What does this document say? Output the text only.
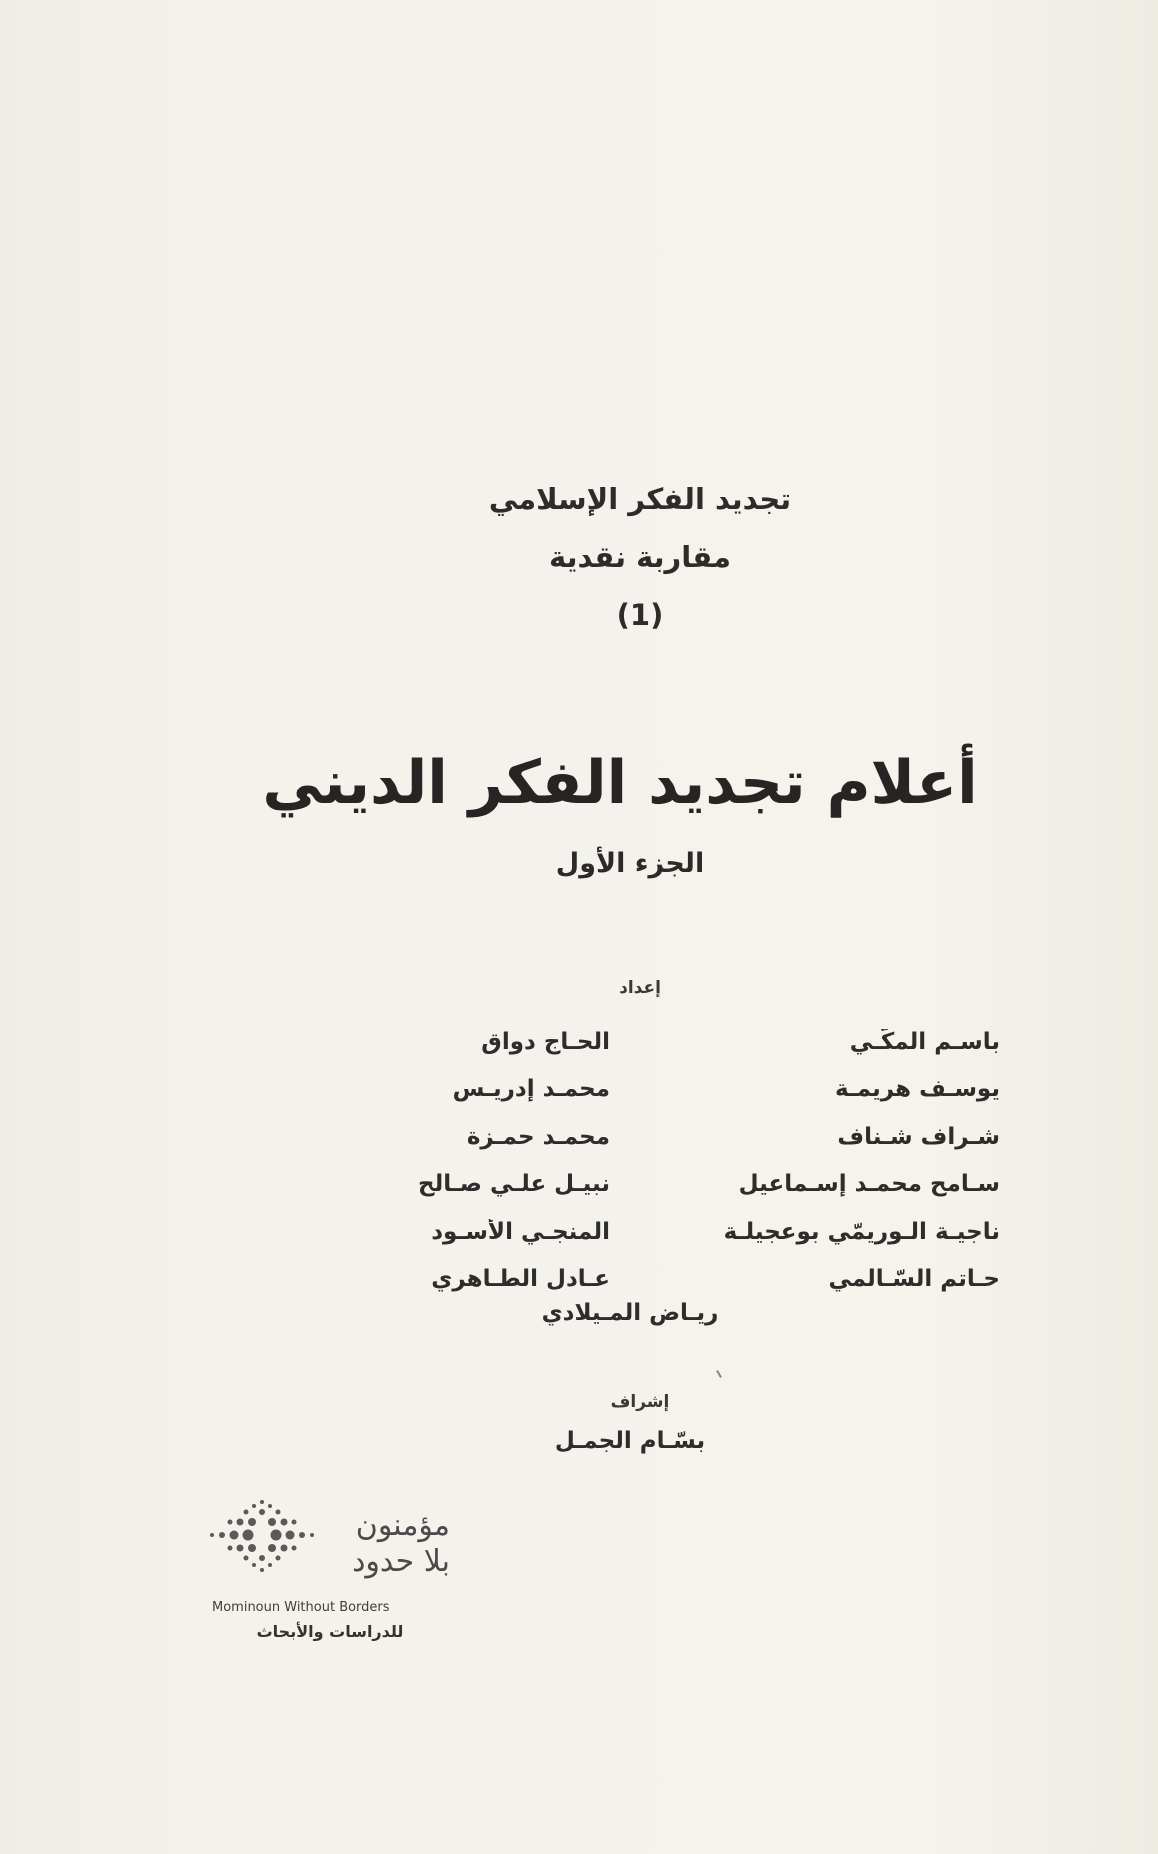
تجديد الفكر الإسلامي
مقاربة نقدية
(1)
أعلام تجديد الفكر الديني
الجزء الأول
إعداد
باسـم المكّـي
الحـاج دواق
يوسـف هريمـة
محمـد إدريـس
شـراف شـناف
محمـد حمـزة
سـامح محمـد إسـماعيل
نبيـل علـي صـالح
ناجيـة الـوريمّي بوعجيلـة
المنجـي الأسـود
حـاتم السّـالمي
عـادل الطـاهري
ريـاض المـيلادي
إشراف
بسّـام الجمـل
مؤمنون
بلا حدود
Mominoun Without Borders
للدراسات والأبحاث
